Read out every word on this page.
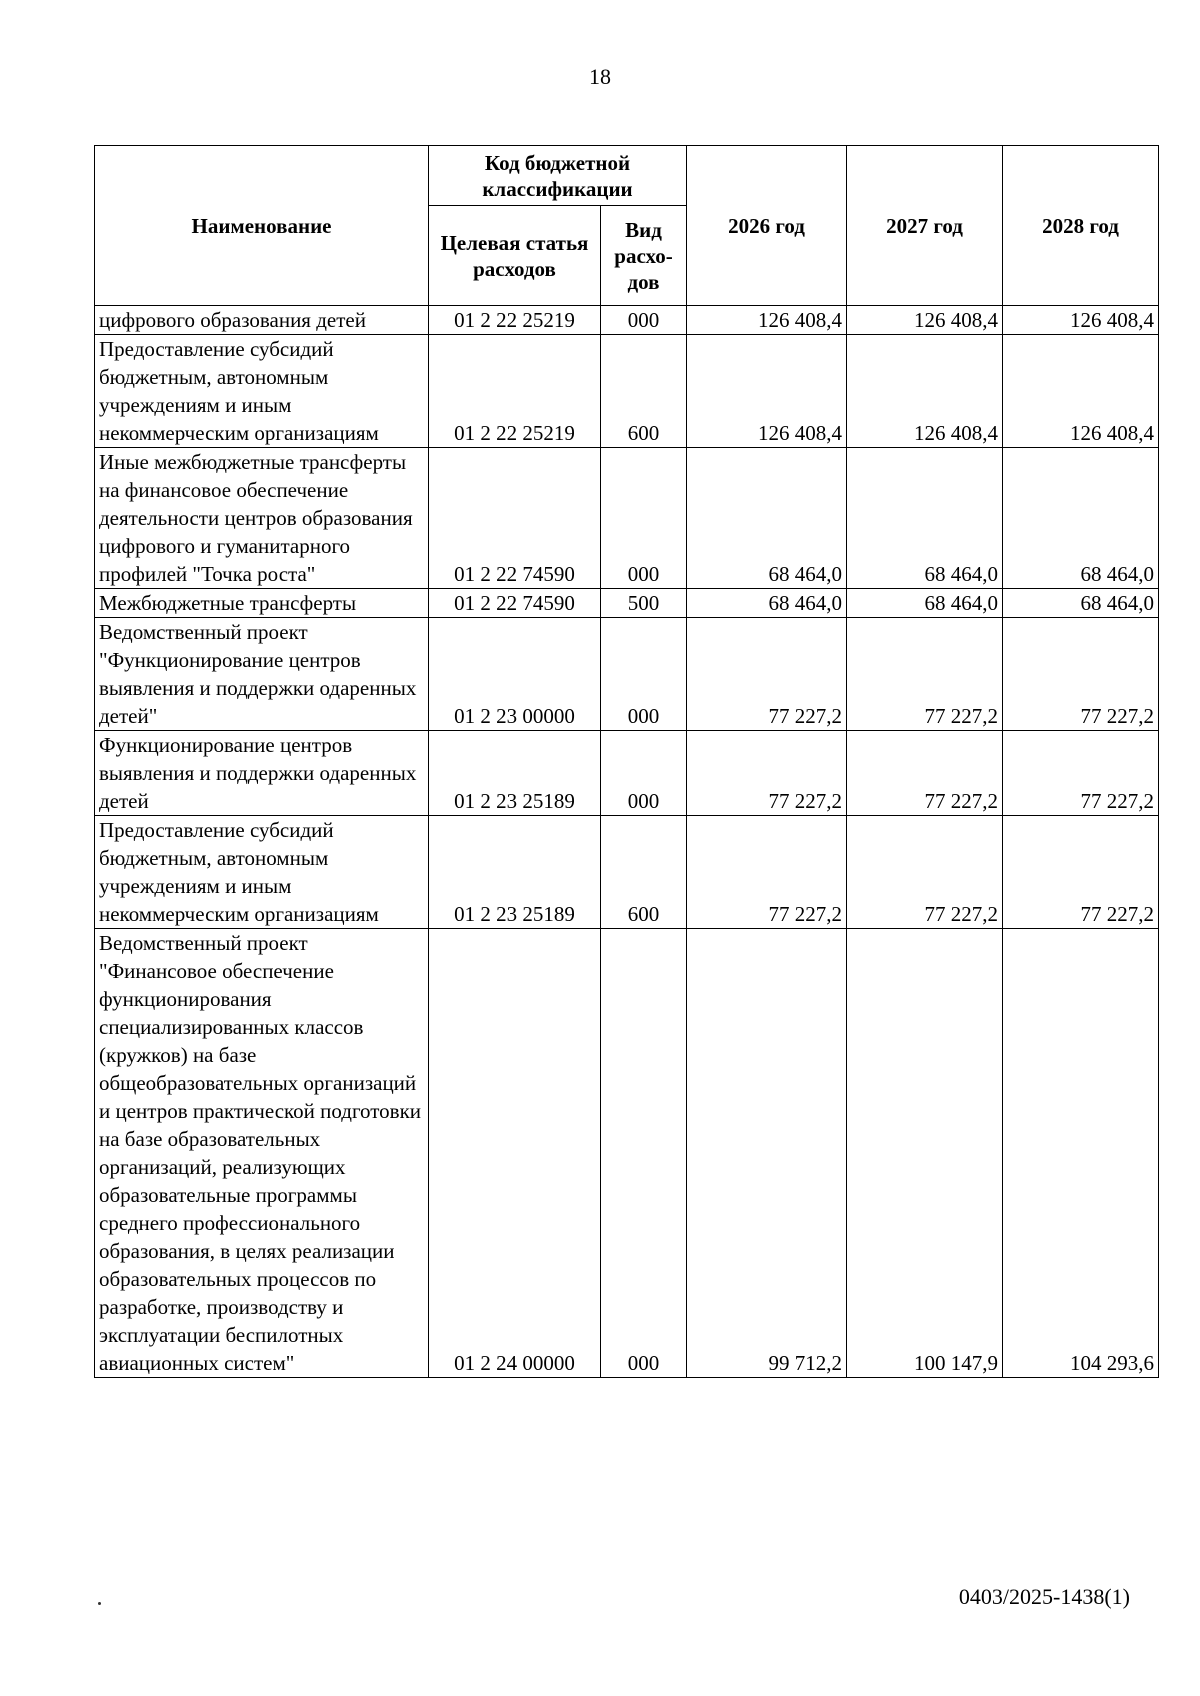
18
Наименование	Код бюджетной классификации		2026 год	2027 год	2028 год
	Целевая статья расходов	Вид расхо-дов			
цифрового образования детей	01 2 22 25219	000	126 408,4	126 408,4	126 408,4
Предоставление субсидий бюджетным, автономным учреждениям и иным некоммерческим организациям	01 2 22 25219	600	126 408,4	126 408,4	126 408,4
Иные межбюджетные трансферты на финансовое обеспечение деятельности центров образования цифрового и гуманитарного профилей "Точка роста"	01 2 22 74590	000	68 464,0	68 464,0	68 464,0
Межбюджетные трансферты	01 2 22 74590	500	68 464,0	68 464,0	68 464,0
Ведомственный проект "Функционирование центров выявления и поддержки одаренных детей"	01 2 23 00000	000	77 227,2	77 227,2	77 227,2
Функционирование центров выявления и поддержки одаренных детей	01 2 23 25189	000	77 227,2	77 227,2	77 227,2
Предоставление субсидий бюджетным, автономным учреждениям и иным некоммерческим организациям	01 2 23 25189	600	77 227,2	77 227,2	77 227,2
Ведомственный проект "Финансовое обеспечение функционирования специализированных классов (кружков) на базе общеобразовательных организаций и центров практической подготовки на базе образовательных организаций, реализующих образовательные программы среднего профессионального образования, в целях реализации образовательных процессов по разработке, производству и эксплуатации беспилотных авиационных систем"	01 2 24 00000	000	99 712,2	100 147,9	104 293,6
0403/2025-1438(1)
